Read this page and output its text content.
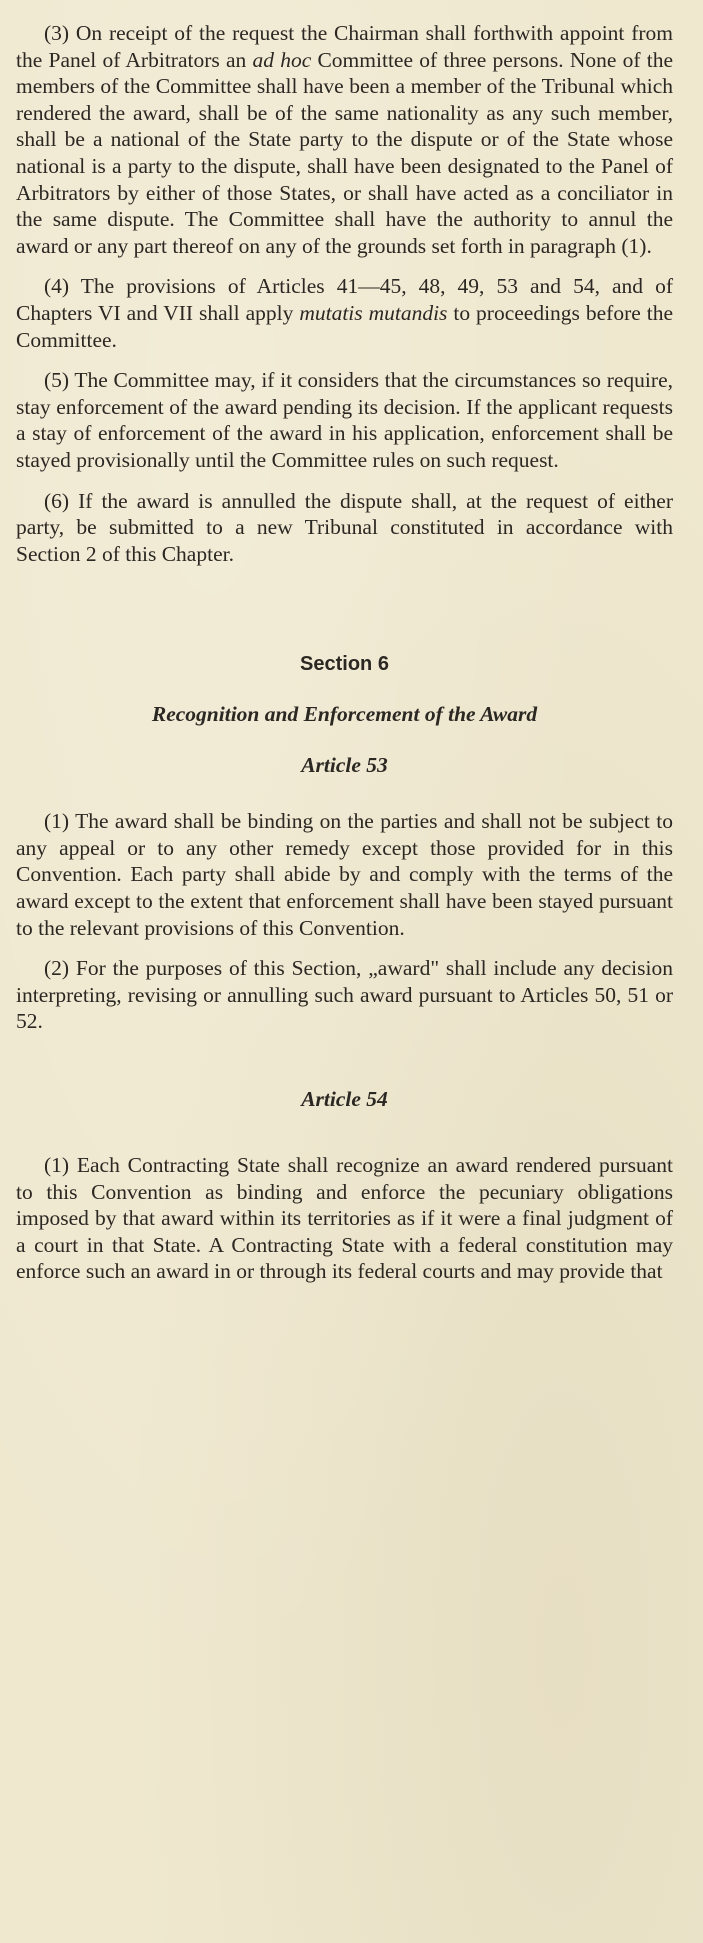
(3) On receipt of the request the Chairman shall forthwith appoint from the Panel of Arbitrators an ad hoc Committee of three persons. None of the members of the Committee shall have been a member of the Tribunal which rendered the award, shall be of the same nationality as any such member, shall be a national of the State party to the dispute or of the State whose national is a party to the dispute, shall have been designated to the Panel of Arbitrators by either of those States, or shall have acted as a conciliator in the same dispute. The Committee shall have the authority to annul the award or any part thereof on any of the grounds set forth in paragraph (1).

(4) The provisions of Articles 41—45, 48, 49, 53 and 54, and of Chapters VI and VII shall apply mutatis mutandis to proceedings before the Committee.

(5) The Committee may, if it considers that the circumstances so require, stay enforcement of the award pending its decision. If the applicant requests a stay of enforcement of the award in his application, enforcement shall be stayed provisionally until the Committee rules on such request.

(6) If the award is annulled the dispute shall, at the request of either party, be submitted to a new Tribunal constituted in accordance with Section 2 of this Chapter.

Section 6
Recognition and Enforcement of the Award
Article 53

(1) The award shall be binding on the parties and shall not be subject to any appeal or to any other remedy except those provided for in this Convention. Each party shall abide by and comply with the terms of the award except to the extent that enforcement shall have been stayed pursuant to the relevant provisions of this Convention.

(2) For the purposes of this Section, „award" shall include any decision interpreting, revising or annulling such award pursuant to Articles 50, 51 or 52.

Article 54

(1) Each Contracting State shall recognize an award rendered pursuant to this Convention as binding and enforce the pecuniary obligations imposed by that award within its territories as if it were a final judgment of a court in that State. A Contracting State with a federal constitution may enforce such an award in or through its federal courts and may provide that
